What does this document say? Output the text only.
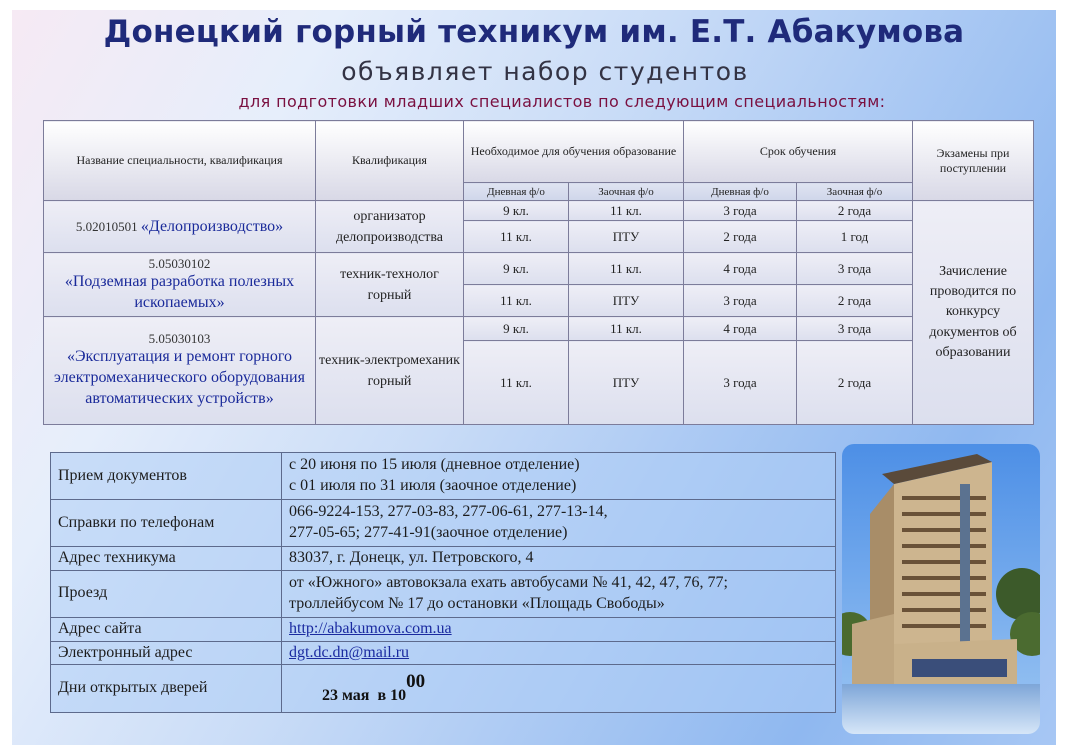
Донецкий горный техникум им. Е.Т. Абакумова
объявляет набор студентов
для подготовки младших специалистов по следующим специальностям:
Название специальности, квалификация	Квалификация	Необходимое для обучения образование		Срок обучения		Экзамены при поступлении
		Дневная ф/о	Заочная ф/о	Дневная ф/о	Заочная ф/о	
5.02010501 «Делопроизводство»	организатор делопроизводства	9 кл.	11 кл.	3 года	2 года	Зачисление проводится по конкурсу документов об образовании
		11 кл.	ПТУ	2 года	1 год	

5.05030102
«Подземная разработка полезных ископаемых»	техник-технолог горный	9 кл.	11 кл.	4 года	3 года	
		11 кл.	ПТУ	3 года	2 года	

5.05030103
«Эксплуатация и ремонт горного электромеханического оборудования автоматических устройств»	техник-электромеханик горный	9 кл.	11 кл.	4 года	3 года	
		11 кл.	ПТУ	3 года	2 года	
Прием документов	с 20 июня по 15 июля (дневное отделение)
с 01 июля по 31 июля (заочное отделение)

Справки по телефонам	066-9224-153, 277-03-83, 277-06-61, 277-13-14,
277-05-65; 277-41-91(заочное отделение)

Адрес техникума	83037, г. Донецк, ул. Петровского, 4
Проезд	от «Южного» автовокзала ехать автобусами № 41, 42, 47, 76, 77;
троллейбусом № 17 до остановки «Площадь Свободы»

Адрес сайта	http://abakumova.com.ua
Электронный адрес	dgt.dc.dn@mail.ru
Дни открытых дверей	23 мая в $10^{00}$
